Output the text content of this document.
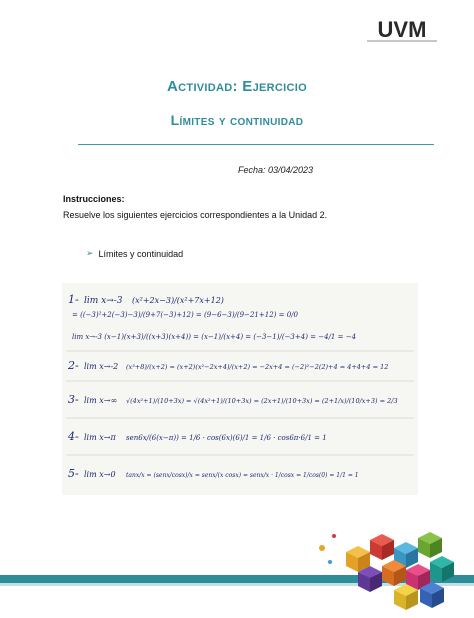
UVM
Actividad: Ejercicio
Límites y continuidad
Fecha: 03/04/2023
Instrucciones:
Resuelve los siguientes ejercicios correspondientes a la Unidad 2.
➢ Límites y continuidad
1- lim x→-3 (x²+2x−3)/(x²+7x+12)
= ((−3)²+2(−3)−3)/(9+7(−3)+12) = (9−6−3)/(9−21+12) = 0/0
lim x→-3 (x−1)(x+3)/((x+3)(x+4)) = (x−1)/(x+4) = (−3−1)/(−3+4) = −4/1 = −4
2- lim x→-2 (x³+8)/(x+2) = (x+2)(x²−2x+4)/(x+2) = −2x+4 = (−2)²−2(2)+4 = 4+4+4 = 12
3- lim x→∞ √(4x²+1)/(10+3x) = √(4x²+1)/(10+3x) = (2x+1)/(10+3x) = (2+1/x)/(10/x+3) = 2/3
4- lim x→π sen6x/(6(x−π)) = 1/6 · cos(6x)(6)/1 = 1/6 · cos6π·6/1 = 1
5- lim x→0 tanx/x = (senx/cosx)/x = senx/(x cosx) = senx/x · 1/cosx = 1/cos(0) = 1/1 = 1
